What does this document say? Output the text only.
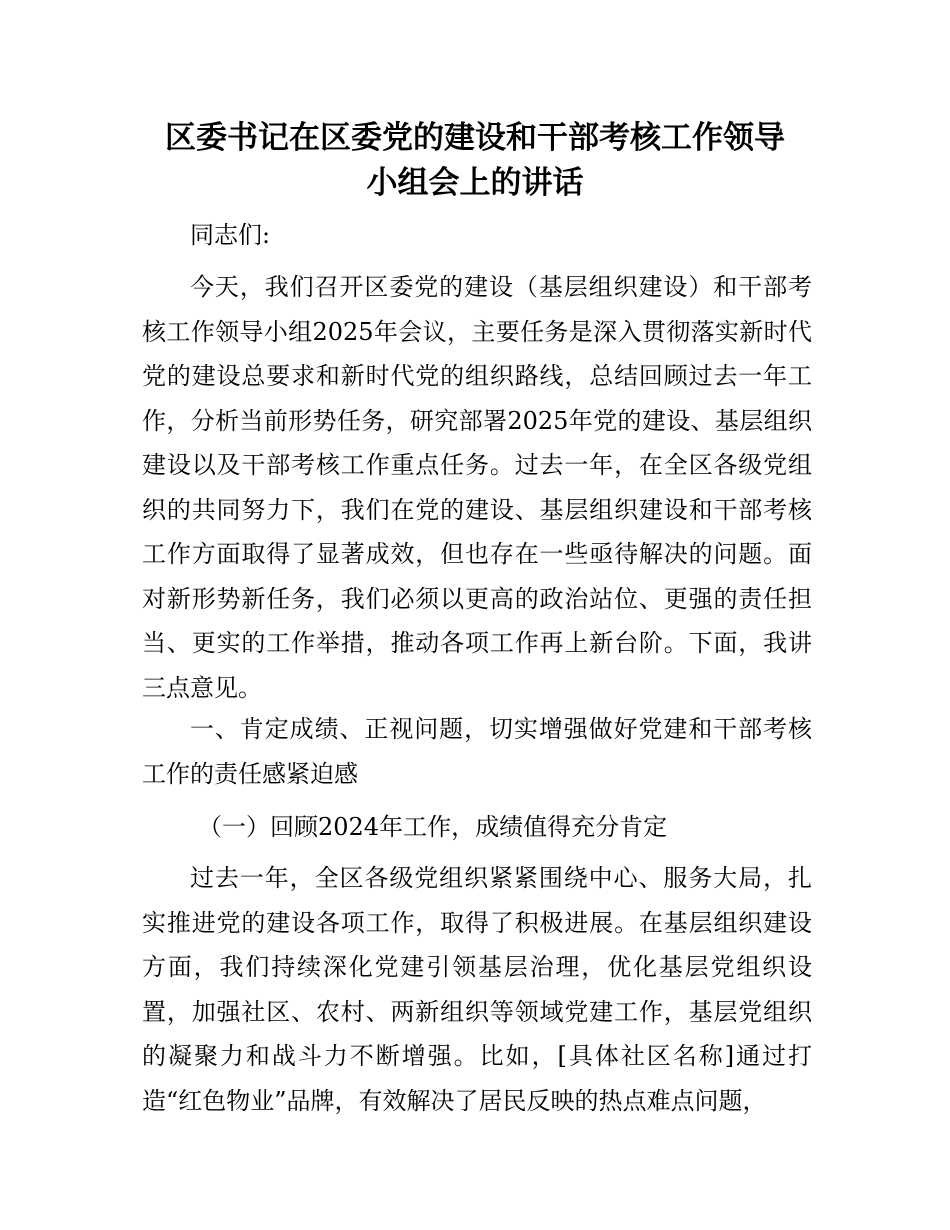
区委书记在区委党的建设和干部考核工作领导
小组会上的讲话

同志们:

今天，我们召开区委党的建设（基层组织建设）和干部考核工作领导小组2025年会议，主要任务是深入贯彻落实新时代党的建设总要求和新时代党的组织路线，总结回顾过去一年工作，分析当前形势任务，研究部署2025年党的建设、基层组织建设以及干部考核工作重点任务。过去一年，在全区各级党组织的共同努力下，我们在党的建设、基层组织建设和干部考核工作方面取得了显著成效，但也存在一些亟待解决的问题。面对新形势新任务，我们必须以更高的政治站位、更强的责任担当、更实的工作举措，推动各项工作再上新台阶。下面，我讲三点意见。

一、肯定成绩、正视问题，切实增强做好党建和干部考核工作的责任感紧迫感

（一）回顾2024年工作，成绩值得充分肯定

过去一年，全区各级党组织紧紧围绕中心、服务大局，扎实推进党的建设各项工作，取得了积极进展。在基层组织建设方面，我们持续深化党建引领基层治理，优化基层党组织设置，加强社区、农村、两新组织等领域党建工作，基层党组织的凝聚力和战斗力不断增强。比如，[具体社区名称]通过打造“红色物业”品牌，有效解决了居民反映的热点难点问题，
